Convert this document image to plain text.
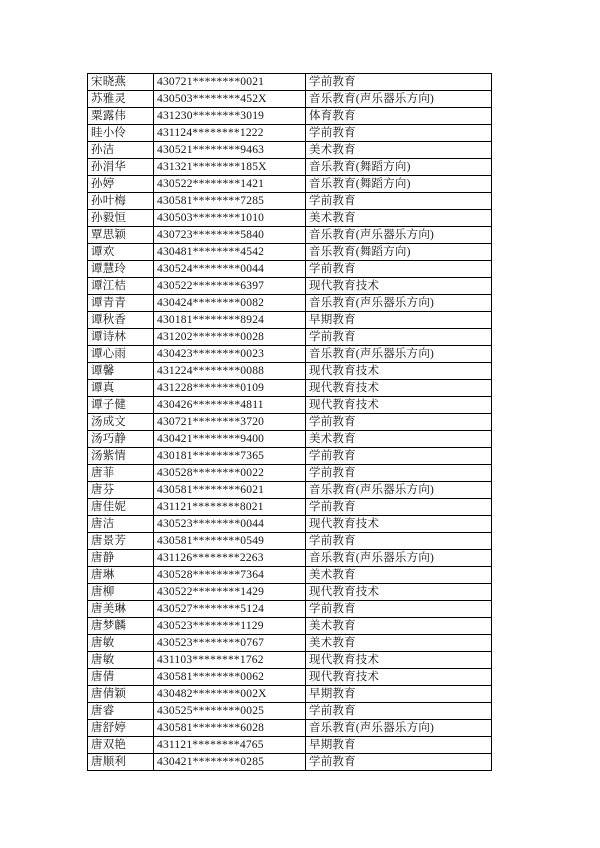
宋晓燕	430721********0021	学前教育
苏雅灵	430503********452X	音乐教育(声乐器乐方向)
粟露伟	431230********3019	体育教育
眭小伶	431124********1222	学前教育
孙洁	430521********9463	美术教育
孙涓华	431321********185X	音乐教育(舞蹈方向)
孙婷	430522********1421	音乐教育(舞蹈方向)
孙叶梅	430581********7285	学前教育
孙毅恒	430503********1010	美术教育
覃思颖	430723********5840	音乐教育(声乐器乐方向)
谭欢	430481********4542	音乐教育(舞蹈方向)
谭慧玲	430524********0044	学前教育
谭江桔	430522********6397	现代教育技术
谭青青	430424********0082	音乐教育(声乐器乐方向)
谭秋香	430181********8924	早期教育
谭诗林	431202********0028	学前教育
谭心雨	430423********0023	音乐教育(声乐器乐方向)
谭馨	431224********0088	现代教育技术
谭真	431228********0109	现代教育技术
谭子健	430426********4811	现代教育技术
汤成文	430721********3720	学前教育
汤巧静	430421********9400	美术教育
汤紫情	430181********7365	学前教育
唐菲	430528********0022	学前教育
唐芬	430581********6021	音乐教育(声乐器乐方向)
唐佳妮	431121********8021	学前教育
唐洁	430523********0044	现代教育技术
唐景芳	430581********0549	学前教育
唐静	431126********2263	音乐教育(声乐器乐方向)
唐琳	430528********7364	美术教育
唐柳	430522********1429	现代教育技术
唐美琳	430527********5124	学前教育
唐梦麟	430523********1129	美术教育
唐敏	430523********0767	美术教育
唐敏	431103********1762	现代教育技术
唐倩	430581********0062	现代教育技术
唐倩颖	430482********002X	早期教育
唐睿	430525********0025	学前教育
唐舒婷	430581********6028	音乐教育(声乐器乐方向)
唐双艳	431121********4765	早期教育
唐顺利	430421********0285	学前教育
